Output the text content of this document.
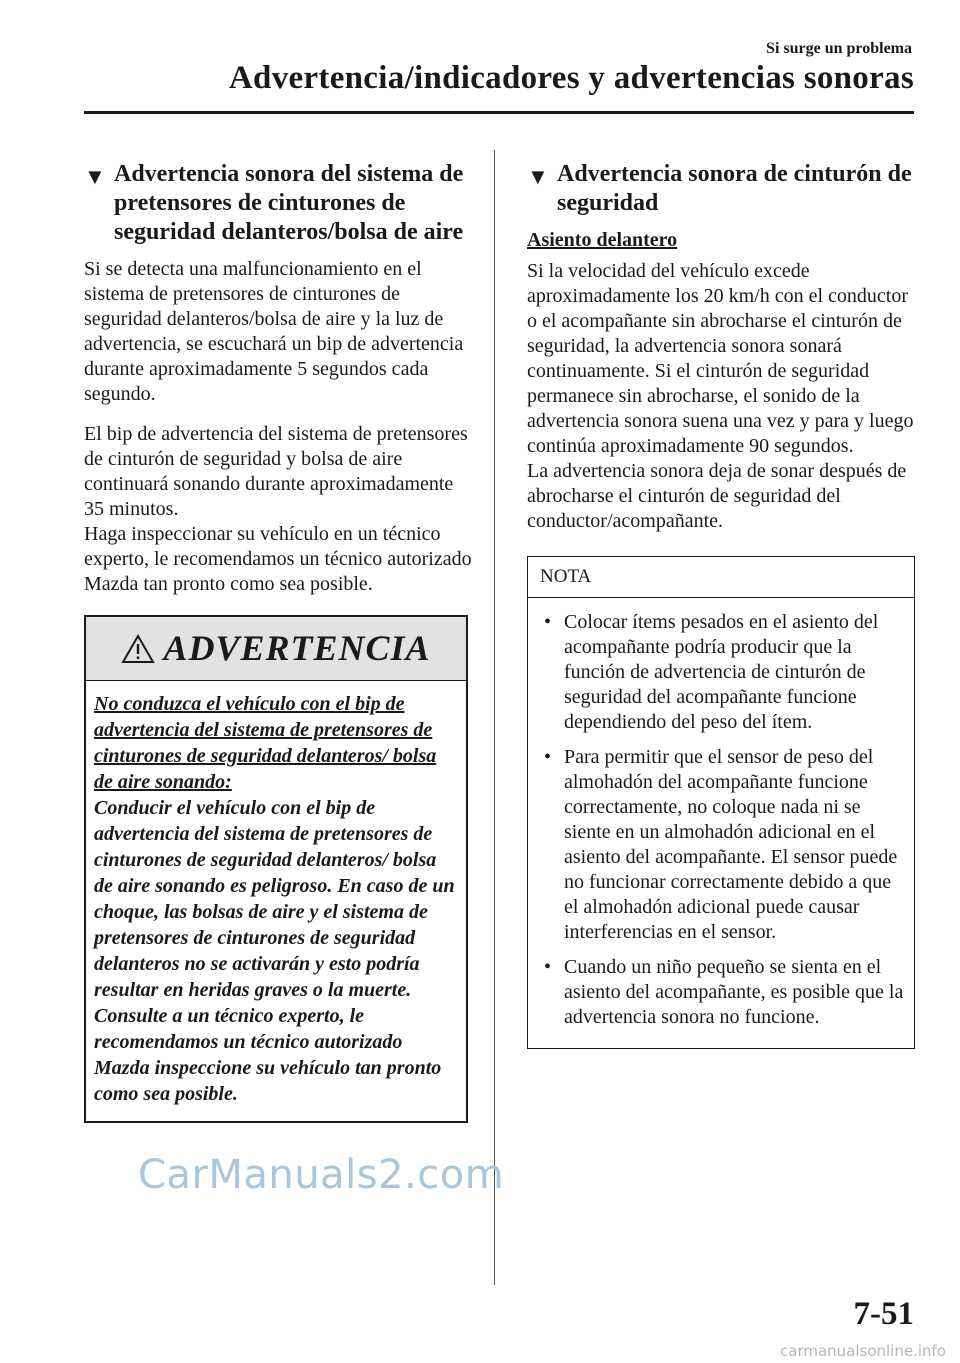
Si surge un problema
Advertencia/indicadores y advertencias sonoras
▼ Advertencia sonora del sistema de pretensores de cinturones de seguridad delanteros/bolsa de aire

Si se detecta una malfuncionamiento en el sistema de pretensores de cinturones de seguridad delanteros/bolsa de aire y la luz de advertencia, se escuchará un bip de advertencia durante aproximadamente 5 segundos cada segundo.

El bip de advertencia del sistema de pretensores de cinturón de seguridad y bolsa de aire continuará sonando durante aproximadamente 35 minutos.

Haga inspeccionar su vehículo en un técnico experto, le recomendamos un técnico autorizado Mazda tan pronto como sea posible.

ADVERTENCIA
No conduzca el vehículo con el bip de advertencia del sistema de pretensores de cinturones de seguridad delanteros/ bolsa de aire sonando:
Conducir el vehículo con el bip de advertencia del sistema de pretensores de cinturones de seguridad delanteros/ bolsa de aire sonando es peligroso. En caso de un choque, las bolsas de aire y el sistema de pretensores de cinturones de seguridad delanteros no se activarán y esto podría resultar en heridas graves o la muerte.
Consulte a un técnico experto, le recomendamos un técnico autorizado Mazda inspeccione su vehículo tan pronto como sea posible.
▼ Advertencia sonora de cinturón de seguridad
Asiento delantero

Si la velocidad del vehículo excede aproximadamente los 20 km/h con el conductor o el acompañante sin abrocharse el cinturón de seguridad, la advertencia sonora sonará continuamente. Si el cinturón de seguridad permanece sin abrocharse, el sonido de la advertencia sonora suena una vez y para y luego continúa aproximadamente 90 segundos.

La advertencia sonora deja de sonar después de abrocharse el cinturón de seguridad del conductor/acompañante.

NOTA
• Colocar ítems pesados en el asiento del acompañante podría producir que la función de advertencia de cinturón de seguridad del acompañante funcione dependiendo del peso del ítem.
• Para permitir que el sensor de peso del almohadón del acompañante funcione correctamente, no coloque nada ni se siente en un almohadón adicional en el asiento del acompañante. El sensor puede no funcionar correctamente debido a que el almohadón adicional puede causar interferencias en el sensor.
• Cuando un niño pequeño se sienta en el asiento del acompañante, es posible que la advertencia sonora no funcione.
CarManuals2.com
7-51
carmanualsonline.info
